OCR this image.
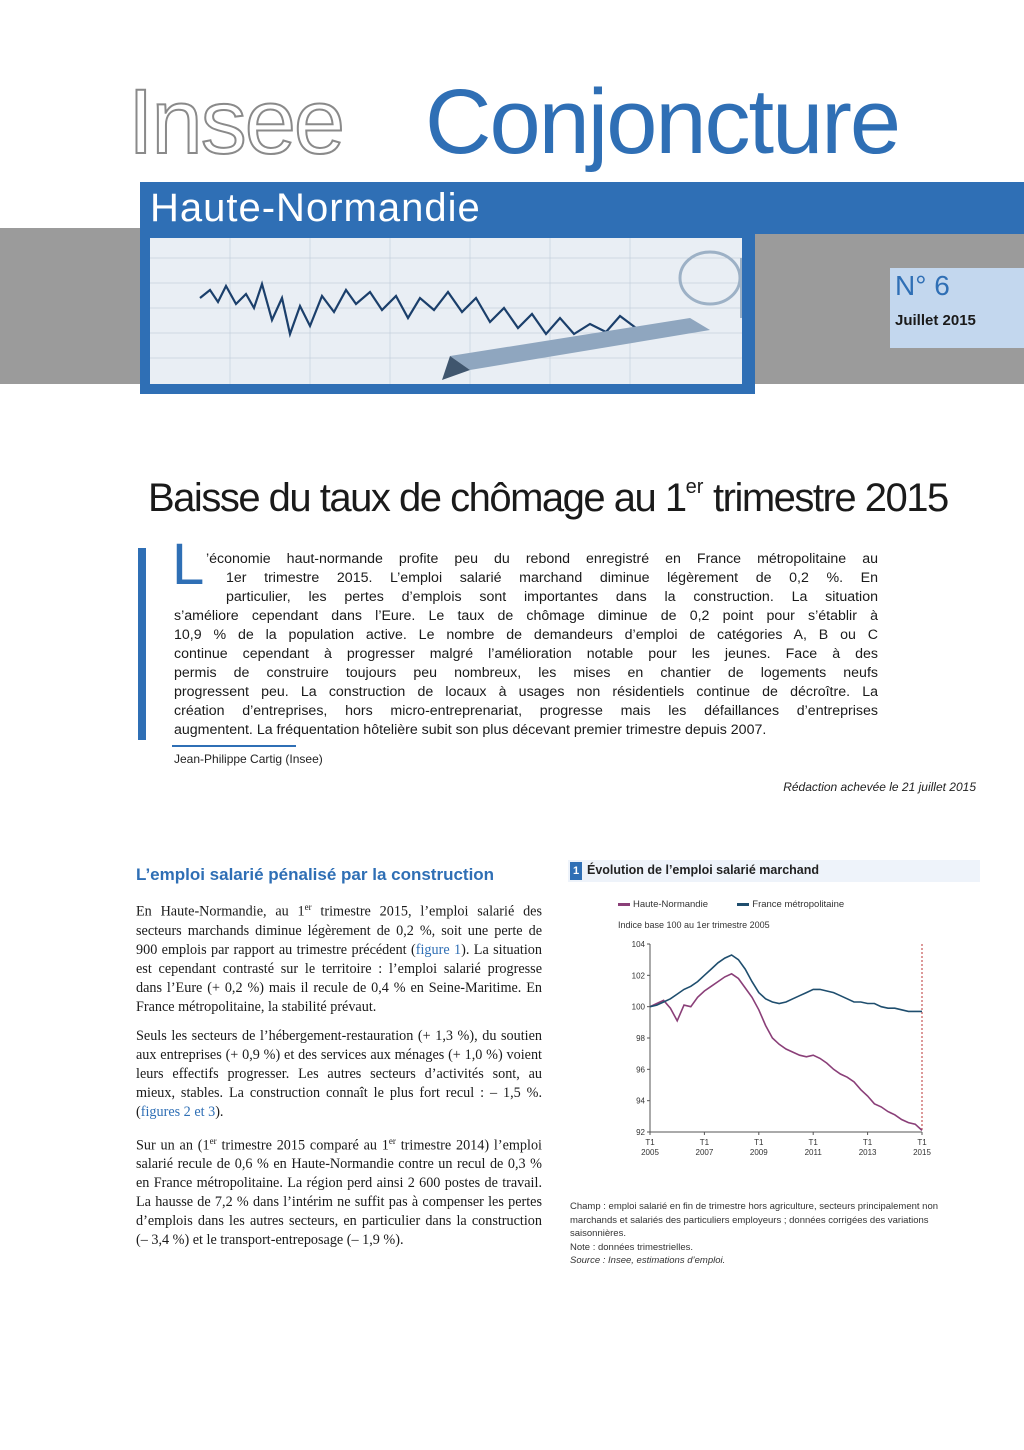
Insee Conjoncture
Haute-Normandie
N° 6
Juillet 2015
Baisse du taux de chômage au 1er trimestre 2015
L ’économie haut-normande profite peu du rebond enregistré en France métropolitaine au
1er trimestre 2015. L’emploi salarié marchand diminue légèrement de 0,2 %. En
particulier, les pertes d’emplois sont importantes dans la construction. La situation
s’améliore cependant dans l’Eure. Le taux de chômage diminue de 0,2 point pour s’établir à
10,9 % de la population active. Le nombre de demandeurs d’emploi de catégories A, B ou C
continue cependant à progresser malgré l’amélioration notable pour les jeunes. Face à des
permis de construire toujours peu nombreux, les mises en chantier de logements neufs
progressent peu. La construction de locaux à usages non résidentiels continue de décroître. La
création d’entreprises, hors micro-entreprenariat, progresse mais les défaillances d’entreprises
augmentent. La fréquentation hôtelière subit son plus décevant premier trimestre depuis 2007.
Jean-Philippe Cartig (Insee)
Rédaction achevée le 21 juillet 2015
L’emploi salarié pénalisé par la construction

En Haute-Normandie, au 1er trimestre 2015, l’emploi salarié des secteurs marchands diminue légèrement de 0,2 %, soit une perte de 900 emplois par rapport au trimestre précédent (figure 1). La situation est cependant contrasté sur le territoire : l’emploi salarié progresse dans l’Eure (+ 0,2 %) mais il recule de 0,4 % en Seine-Maritime. En France métropolitaine, la stabilité prévaut.

Seuls les secteurs de l’hébergement-restauration (+ 1,3 %), du soutien aux entreprises (+ 0,9 %) et des services aux ménages (+ 1,0 %) voient leurs effectifs progresser. Les autres secteurs d’activités sont, au mieux, stables. La construction connaît le plus fort recul : – 1,5 %. (figures 2 et 3).

Sur un an (1er trimestre 2015 comparé au 1er trimestre 2014) l’emploi salarié recule de 0,6 % en Haute-Normandie contre un recul de 0,3 % en France métropolitaine. La région perd ainsi 2 600 postes de travail. La hausse de 7,2 % dans l’intérim ne suffit pas à compenser les pertes d’emplois dans les autres secteurs, en particulier dans la construction (– 3,4 %) et le transport-entreposage (– 1,9 %).

1 Évolution de l’emploi salarié marchand
Haute-Normandie	France métropolitaine
Indice base 100 au 1er trimestre 2005
104
102
100
98
96
94
92
T1
2005
T1
2007
T1
2009
T1
2011
T1
2013
T1
2015
Champ : emploi salarié en fin de trimestre hors agriculture, secteurs principalement non marchands et salariés des particuliers employeurs ; données corrigées des variations saisonnières.
Note : données trimestrielles.
Source : Insee, estimations d’emploi.
